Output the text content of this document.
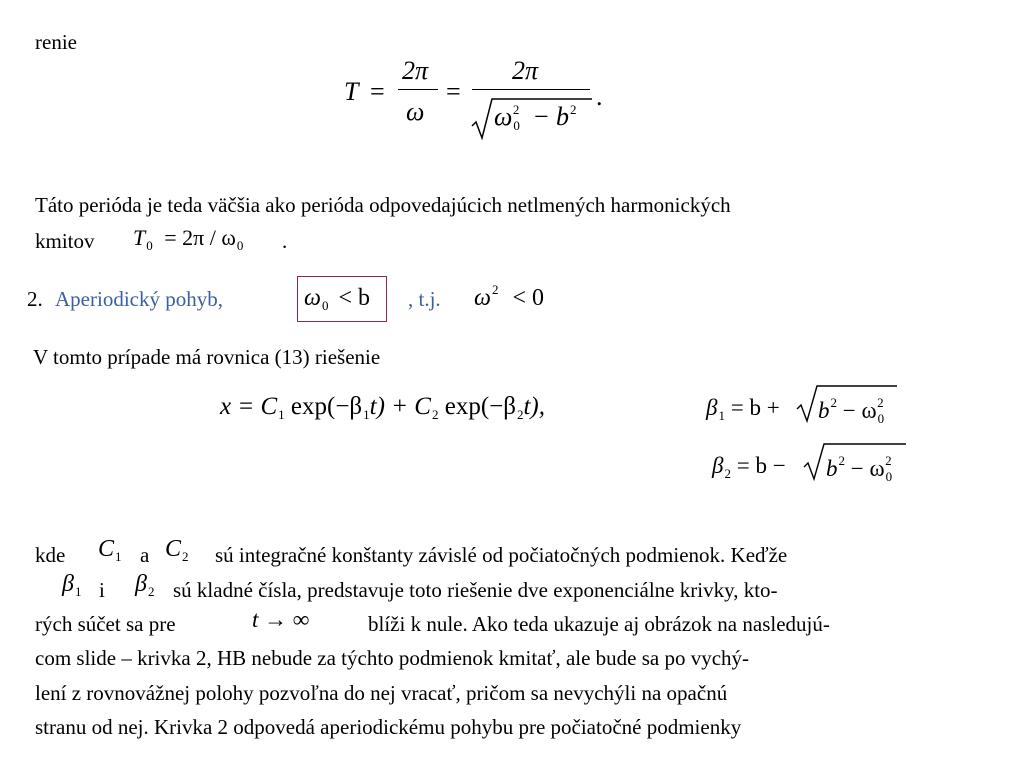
renie
T =
2π
ω
=
2π
$\omega_0^2 - b^2$ .
Táto perióda je teda väčšia ako perióda odpovedajúcich netlmených harmonických
kmitov $T_0 = 2\pi / \omega_0$ .
2. Aperiodický pohyb,	$\omega_0 < b$ , t.j. $\omega^2 < 0$
V tomto prípade má rovnica (13) riešenie
$x = C_1$ $\exp(-\beta_1t) + C_2$ $\exp(-\beta_2t)$,	$\beta_1 = b + b^2 - \omega_0^2$
$\beta_2 = b - b^2 - \omega_0^2$
kde $C_1$ a $C_2$ sú integračné konštanty závislé od počiatočných podmienok. Keďže
$\beta_1$ i $\beta_2$ sú kladné čísla, predstavuje toto riešenie dve exponenciálne krivky, kto-
rých súčet sa pre	t → ∞	blíži k nule. Ako teda ukazuje aj obrázok na nasledujú-
com slide – krivka 2, HB nebude za týchto podmienok kmitať, ale bude sa po vychý-
lení z rovnovážnej polohy pozvoľna do nej vracať, pričom sa nevychýli na opačnú
stranu od nej. Krivka 2 odpovedá aperiodickému pohybu pre počiatočné podmienky
